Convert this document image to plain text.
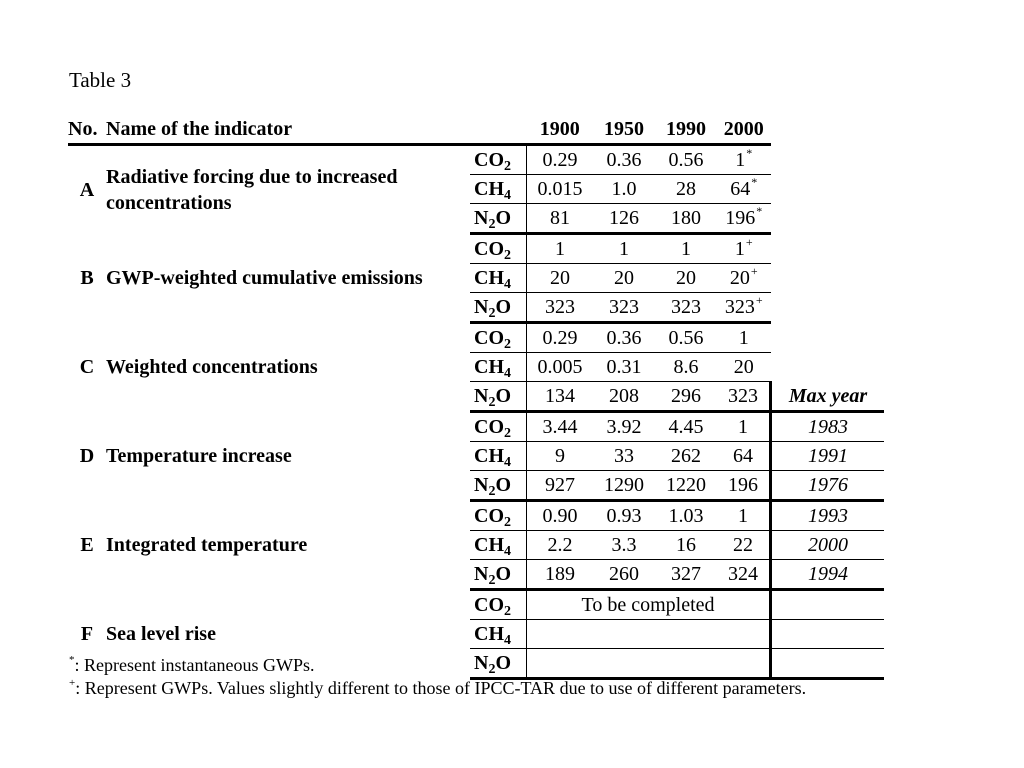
Table 3
No.	Name of the indicator		1900	1950	1990	2000	
A	Radiative forcing due to increased concentrations	$CO_2$	0.29	0.36	0.56	1*	
		$CH_4$	0.015	1.0	28	64*	
		$N_2O$	81	126	180	196*	
B	GWP-weighted cumulative emissions	$CO_2$	1	1	1	1+	
		$CH_4$	20	20	20	20+	
		$N_2O$	323	323	323	323+	
C	Weighted concentrations	$CO_2$	0.29	0.36	0.56	1	
		$CH_4$	0.005	0.31	8.6	20	
		$N_2O$	134	208	296	323	Max year
D	Temperature increase	$CO_2$	3.44	3.92	4.45	1	1983
		$CH_4$	9	33	262	64	1991
		$N_2O$	927	1290	1220	196	1976
E	Integrated temperature	$CO_2$	0.90	0.93	1.03	1	1993
		$CH_4$	2.2	3.3	16	22	2000
		$N_2O$	189	260	327	324	1994
F	Sea level rise	$CO_2$	To be completed				
		$CH_4$		
		$N_2O$					
*: Represent instantaneous GWPs.
+: Represent GWPs. Values slightly different to those of IPCC-TAR due to use of different parameters.
